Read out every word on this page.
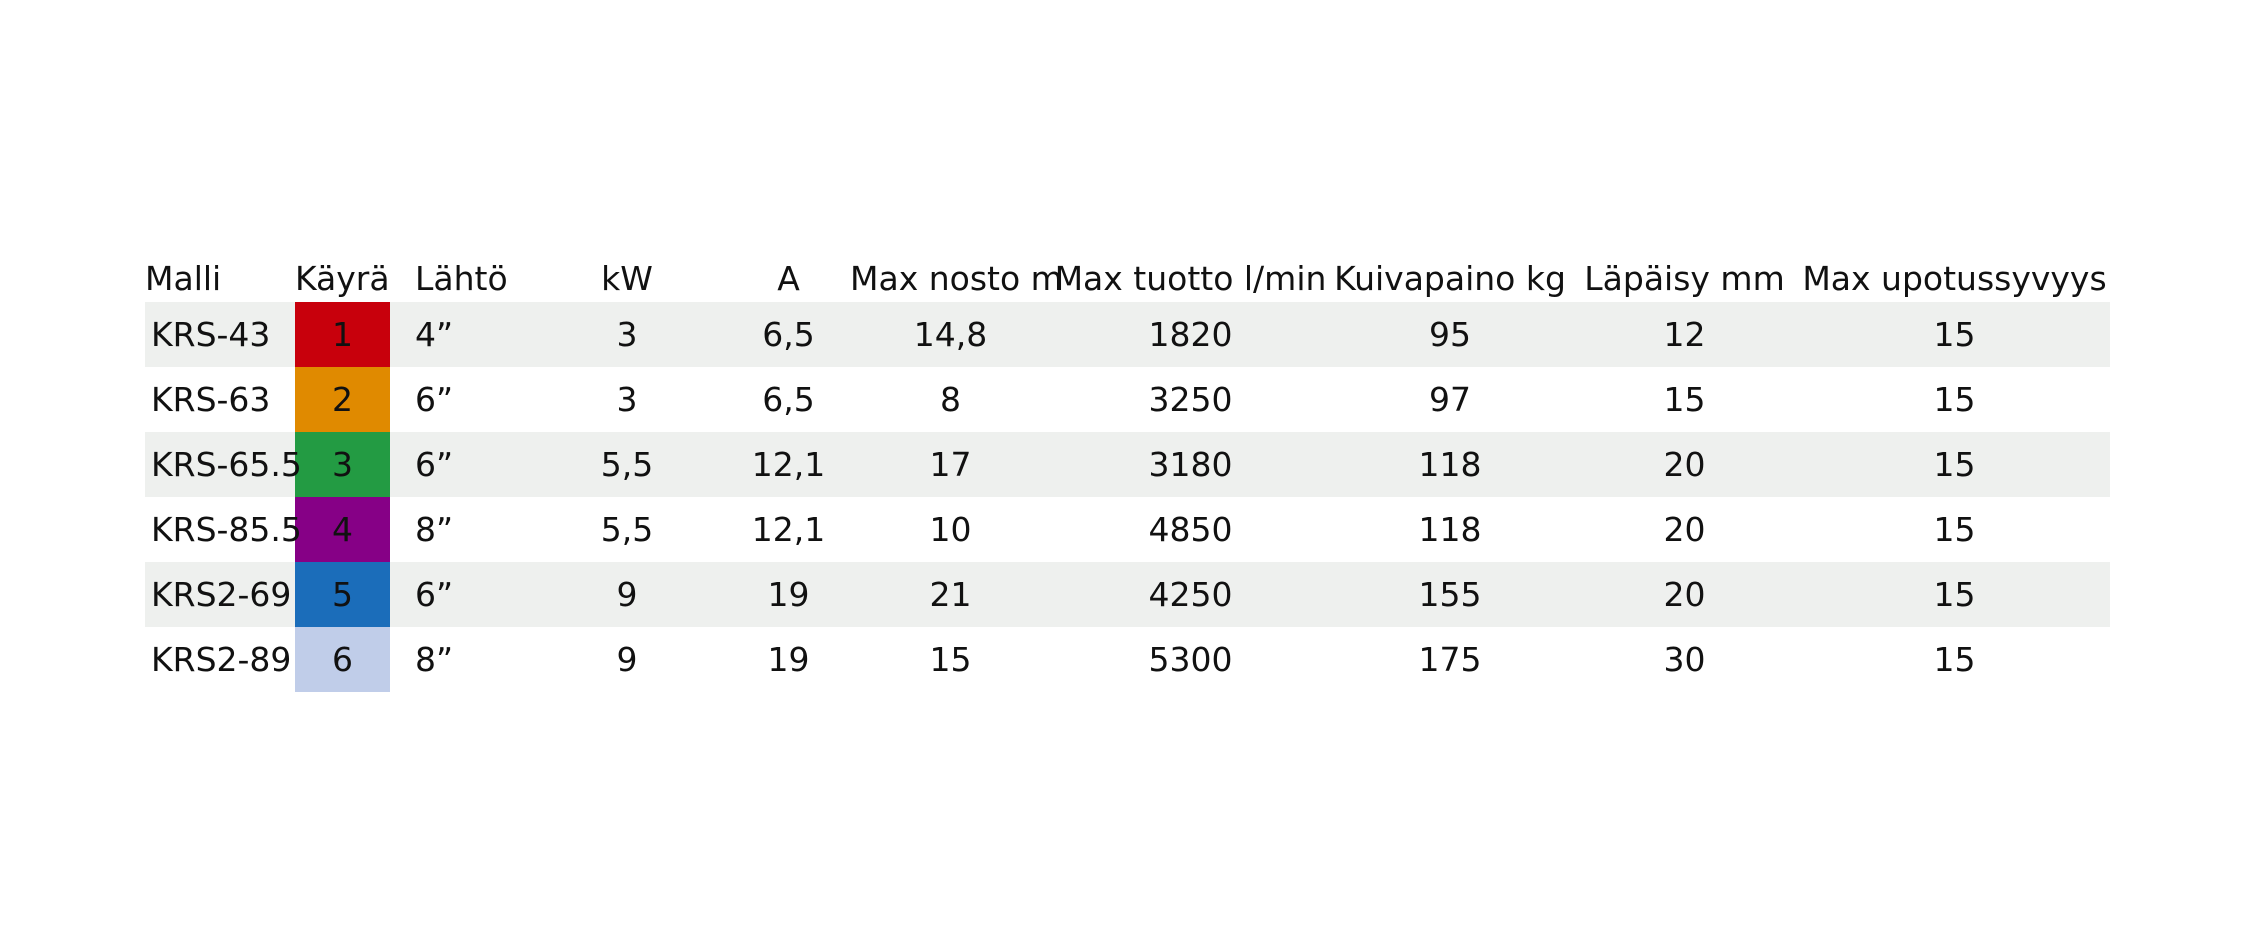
Malli	Käyrä	Lähtö	kW	A	Max nosto m	Max tuotto l/min	Kuivapaino kg	Läpäisy mm	Max upotussyvyys
KRS-43	1	4”	3	6,5	14,8	1820	95	12	15
KRS-63	2	6”	3	6,5	8	3250	97	15	15
KRS-65.5	3	6”	5,5	12,1	17	3180	118	20	15
KRS-85.5	4	8”	5,5	12,1	10	4850	118	20	15
KRS2-69	5	6”	9	19	21	4250	155	20	15
KRS2-89	6	8”	9	19	15	5300	175	30	15
